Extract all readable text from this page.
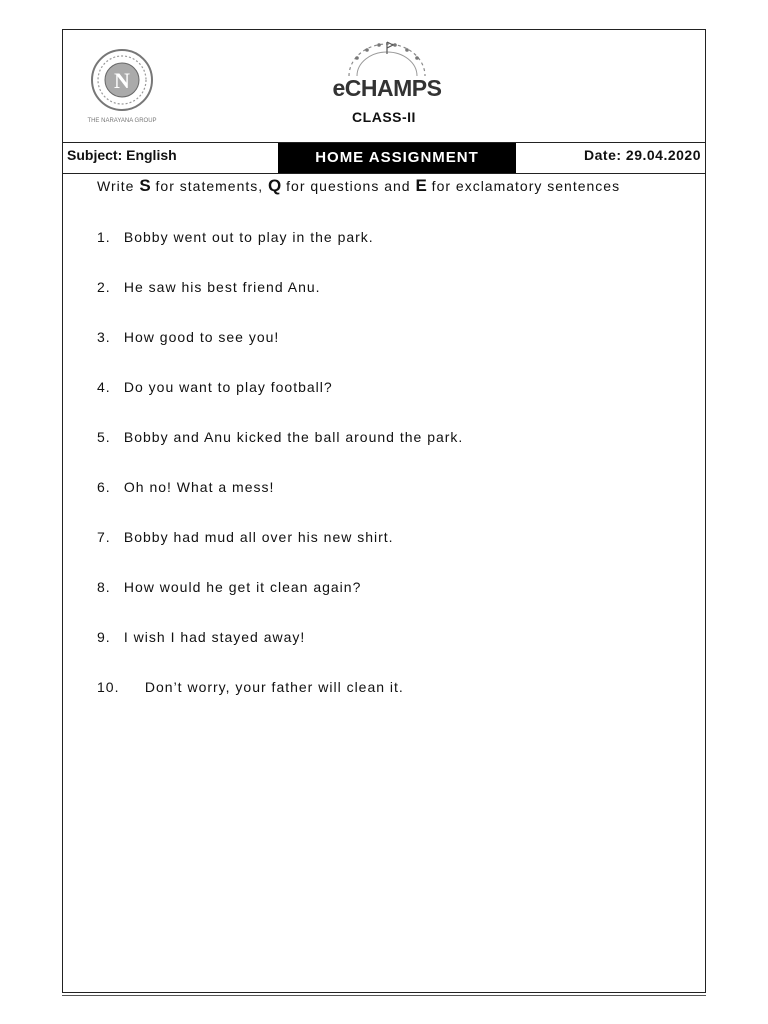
N
THE NARAYANA GROUP
eCHAMPS
CLASS-II
Subject: English	HOME ASSIGNMENT	Date: 29.04.2020
Write S for statements, Q for questions and E for exclamatory sentences
1. Bobby went out to play in the park.
2. He saw his best friend Anu.
3. How good to see you!
4. Do you want to play football?
5. Bobby and Anu kicked the ball around the park.
6. Oh no! What a mess!
7. Bobby had mud all over his new shirt.
8. How would he get it clean again?
9. I wish I had stayed away!
10. Don’t worry, your father will clean it.
